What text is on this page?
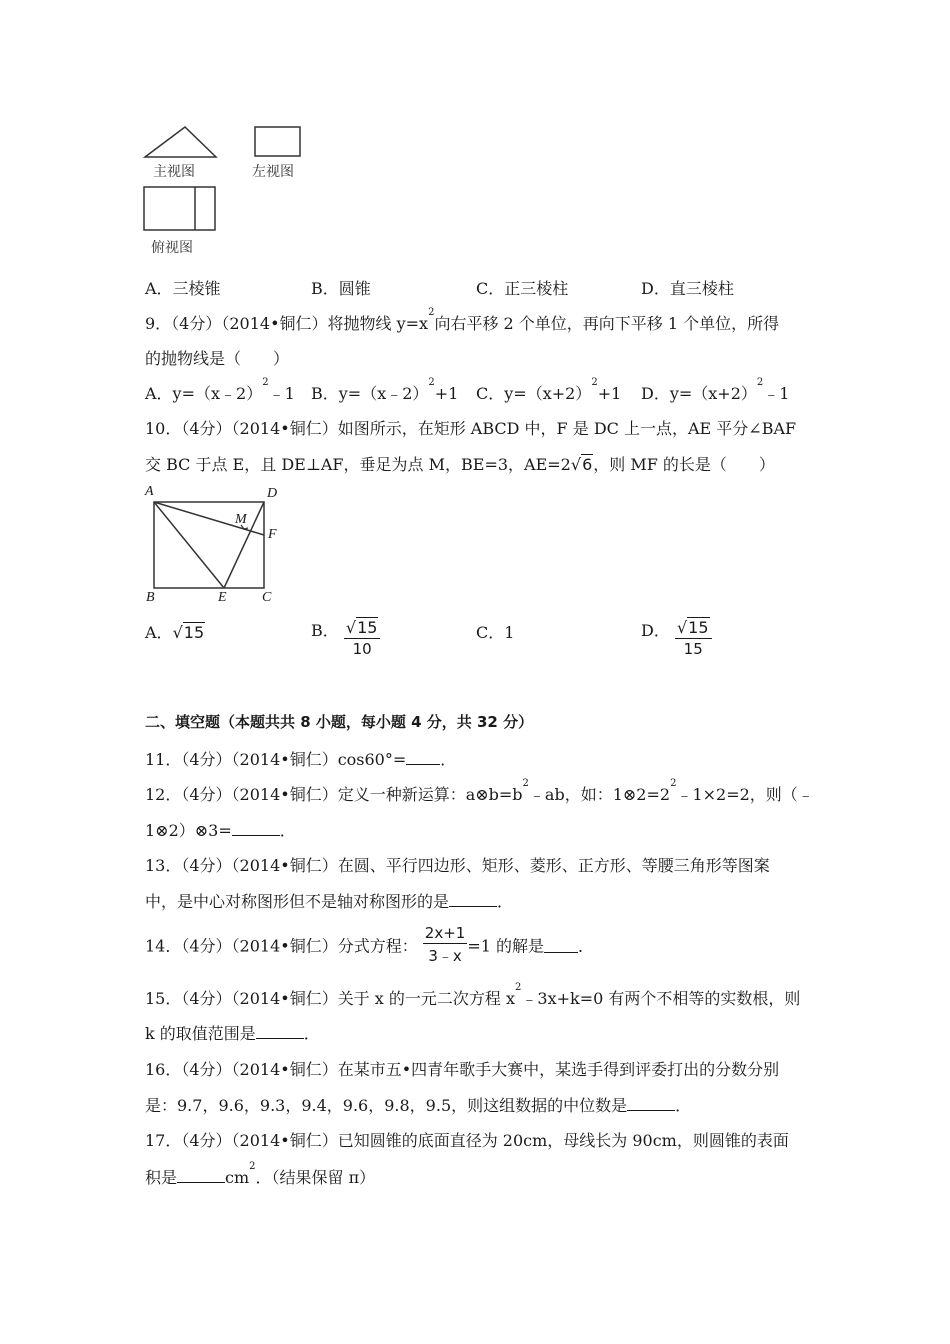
主视图	左视图
俯视图
A．三棱锥	B．圆锥	C．正三棱柱	D．直三棱柱
9．（4分）（2014•铜仁）将抛物线 $y=x^2$向右平移 2 个单位，再向下平移 1 个单位，所得
的抛物线是（　　）
A．y=（x﹣2）$^2$﹣1 B．y=（x﹣2）$^2$+1 C．$y=(x+2)^2+1$ D．$y=(x+2)^2﹣1$
10．（4分）（2014•铜仁）如图所示，在矩形 ABCD 中，F 是 DC 上一点，AE 平分∠BAF
交 BC 于点 E，且 DE⊥AF，垂足为点 M，BE=3，AE=2√6，则 MF 的长是（　　）
A	D
M
F
B	E	C
A．√15	B． $\frac{√15}{10}$	C．1	D． $\frac{√15}{15}$
二、填空题（本题共共 8 小题，每小题 4 分，共 32 分）
11．（4分）（2014•铜仁）cos60°= ．
12．（4分）（2014•铜仁）定义一种新运算：$a\otimes b=b^2﹣ab$，如：$1\otimes 2=2^2﹣1\times 2=2$，则（﹣
1⊗2）⊗3=	．
13．（4分）（2014•铜仁）在圆、平行四边形、矩形、菱形、正方形、等腰三角形等图案
中，是中心对称图形但不是轴对称图形的是	．
14．（4分）（2014•铜仁）分式方程： $\frac{2x+1}{3﹣x} =1$ 的解是 ．
15．（4分）（2014•铜仁）关于 x 的一元二次方程 $x^2﹣3x+k=0$ 有两个不相等的实数根，则
k 的取值范围是	．
16．（4分）（2014•铜仁）在某市五•四青年歌手大赛中，某选手得到评委打出的分数分别
是：9.7，9.6，9.3，9.4，9.6，9.8，9.5，则这组数据的中位数是	．
17．（4分）（2014•铜仁）已知圆锥的底面直径为 20cm，母线长为 90cm，则圆锥的表面
积是	$cm^2$．（结果保留 π）
